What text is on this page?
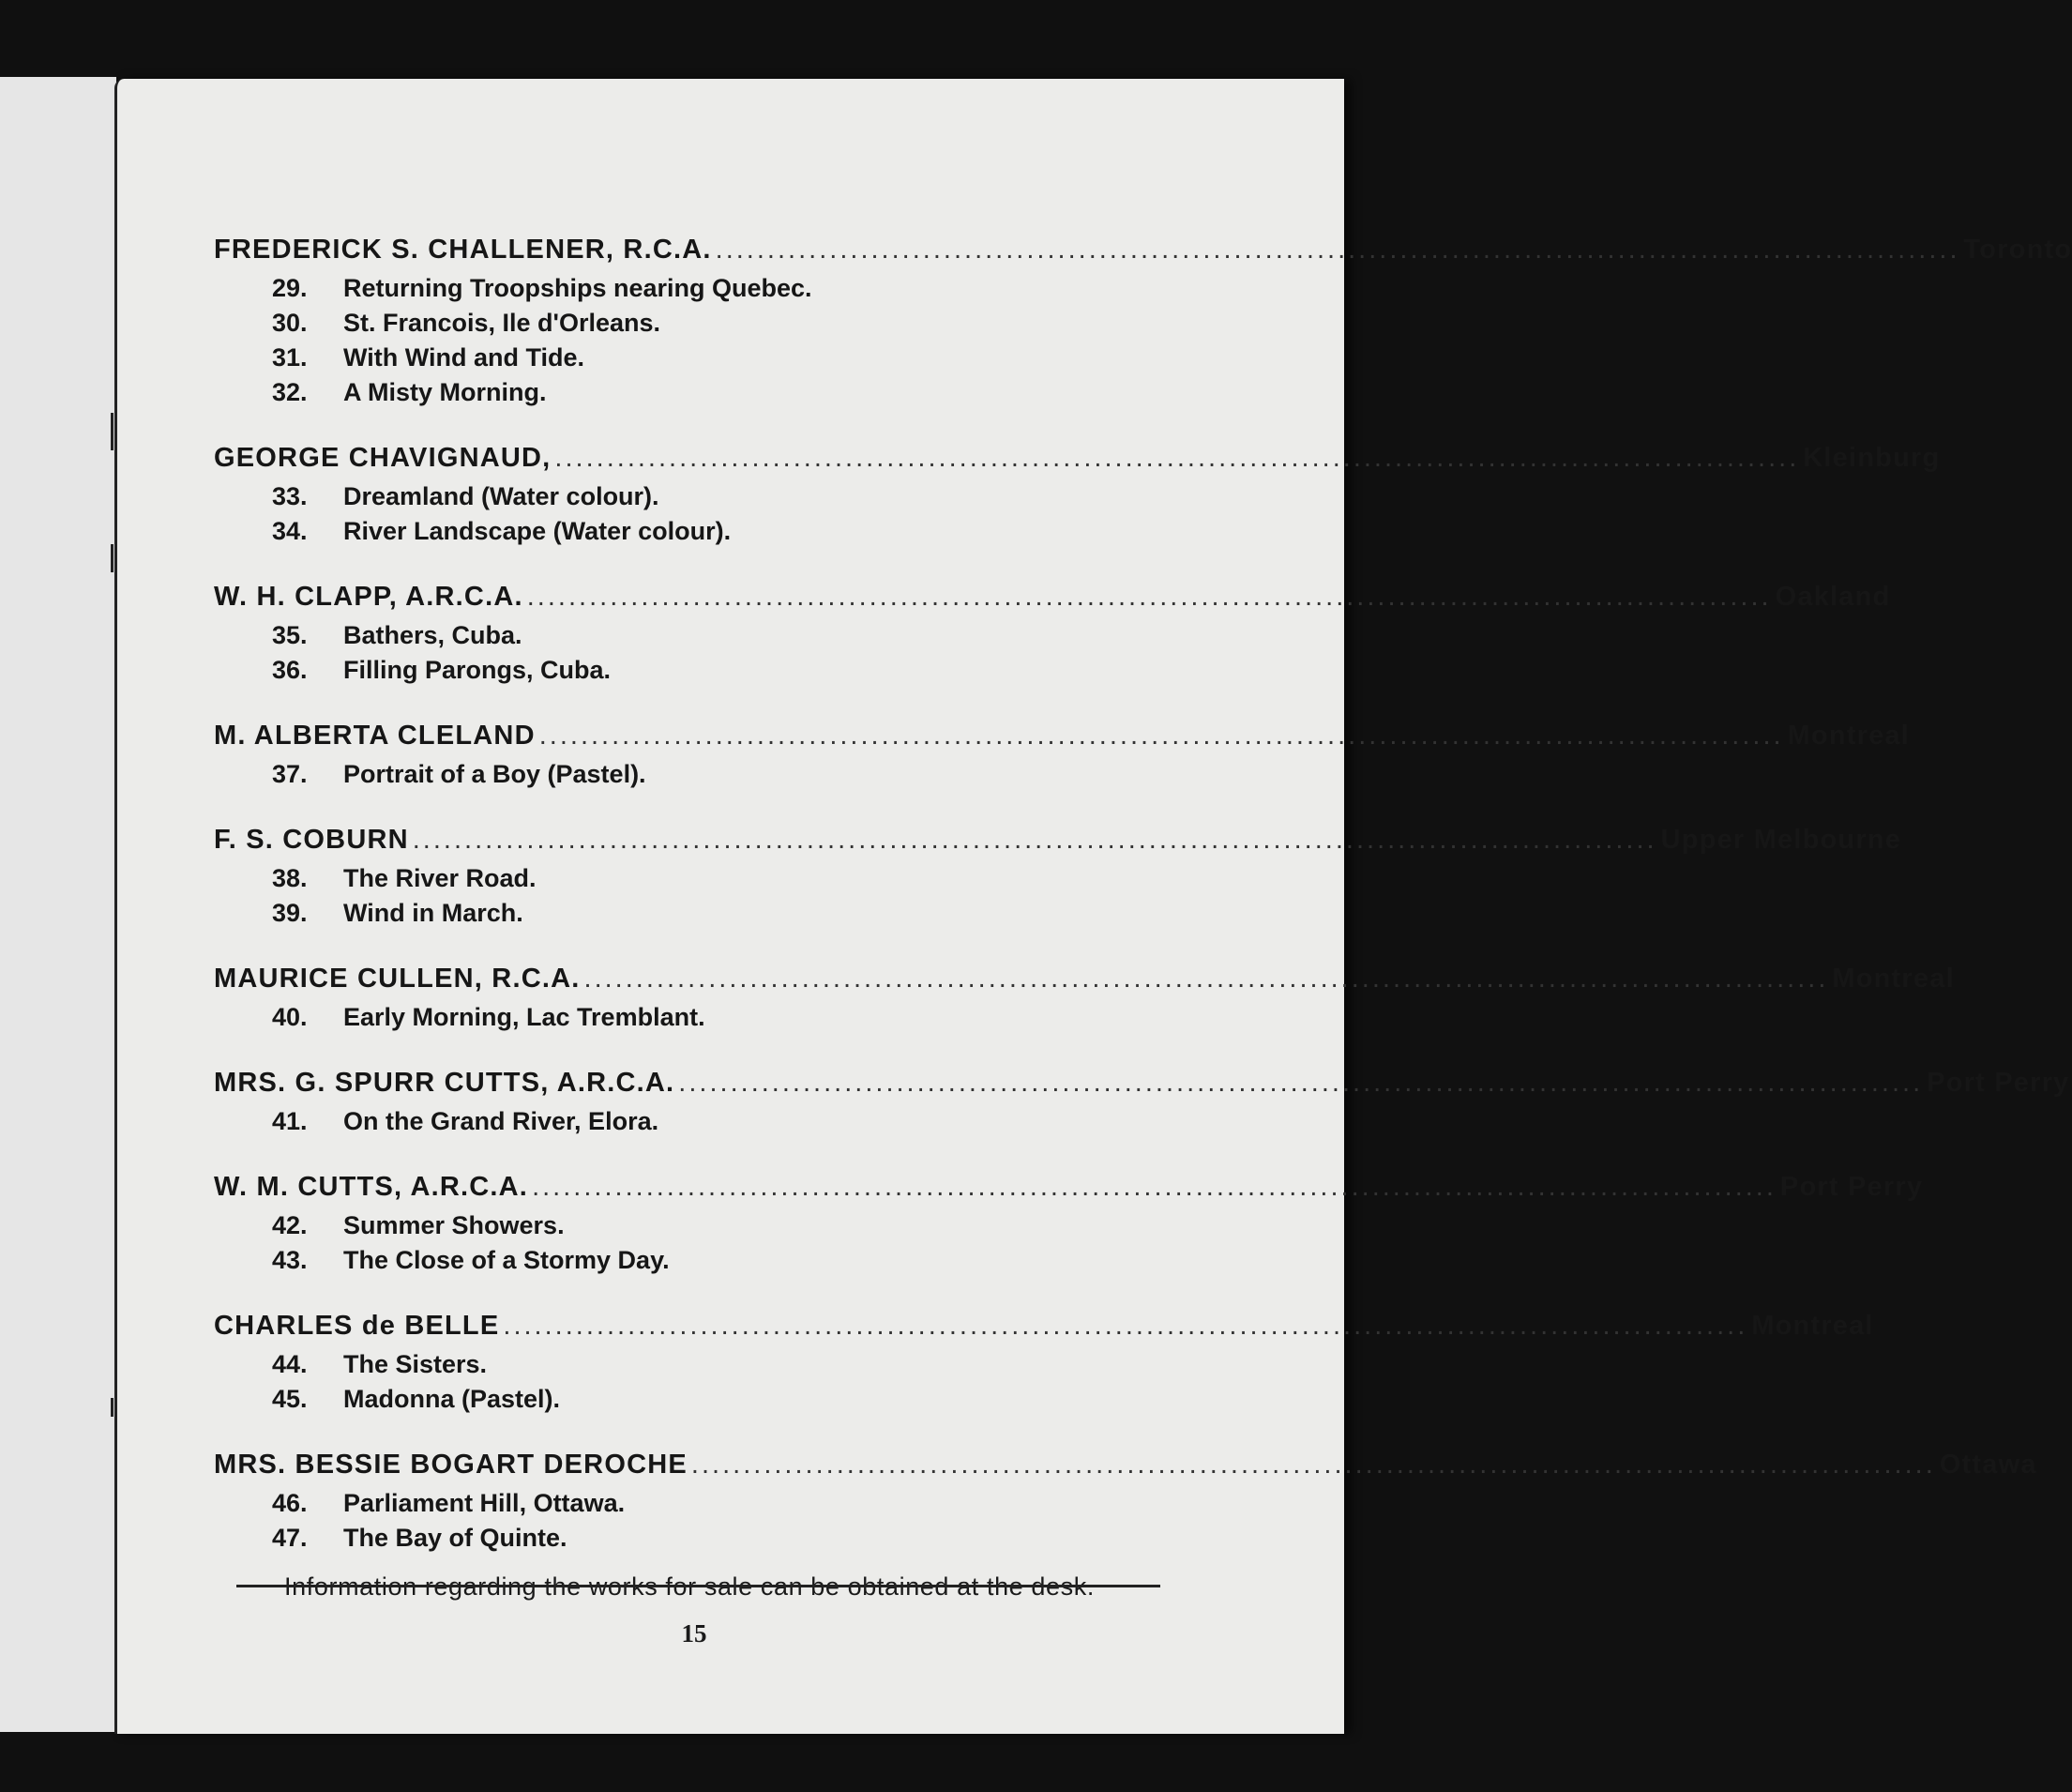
FREDERICK S. CHALLENER, R.C.A. ........................................................................................................................ Toronto
29.	Returning Troopships nearing Quebec.
30.	St. Francois, Ile d'Orleans.
31.	With Wind and Tide.
32.	A Misty Morning.
GEORGE CHAVIGNAUD, ........................................................................................................................ Kleinburg
33.	Dreamland (Water colour).
34.	River Landscape (Water colour).
W. H. CLAPP, A.R.C.A. ........................................................................................................................ Oakland
35.	Bathers, Cuba.
36.	Filling Parongs, Cuba.
M. ALBERTA CLELAND ........................................................................................................................ Montreal
37.	Portrait of a Boy (Pastel).
F. S. COBURN ........................................................................................................................ Upper Melbourne
38.	The River Road.
39.	Wind in March.
MAURICE CULLEN, R.C.A. ........................................................................................................................ Montreal
40.	Early Morning, Lac Tremblant.
MRS. G. SPURR CUTTS, A.R.C.A. ........................................................................................................................ Port Perry
41.	On the Grand River, Elora.
W. M. CUTTS, A.R.C.A. ........................................................................................................................ Port Perry
42.	Summer Showers.
43.	The Close of a Stormy Day.
CHARLES de BELLE ........................................................................................................................ Montreal
44.	The Sisters.
45.	Madonna (Pastel).
MRS. BESSIE BOGART DEROCHE ........................................................................................................................ Ottawa
46.	Parliament Hill, Ottawa.
47.	The Bay of Quinte.
Information regarding the works for sale can be obtained at the desk.
15
